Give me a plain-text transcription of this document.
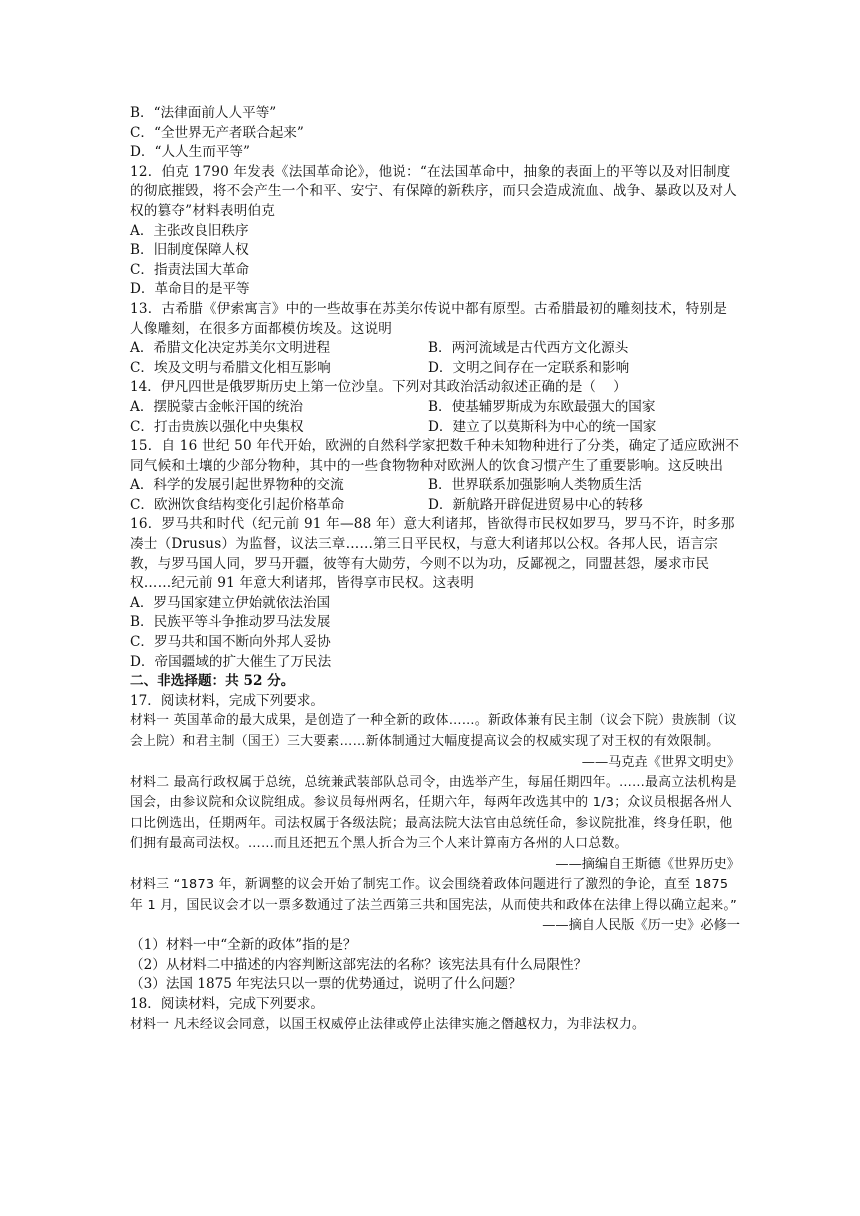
B．“法律面前人人平等”
C．“全世界无产者联合起来”
D．“人人生而平等”
12．伯克 1790 年发表《法国革命论》，他说：“在法国革命中，抽象的表面上的平等以及对旧制度的彻底摧毁，将不会产生一个和平、安宁、有保障的新秩序，而只会造成流血、战争、暴政以及对人权的篡夺”材料表明伯克
A．主张改良旧秩序
B．旧制度保障人权
C．指责法国大革命
D．革命目的是平等
13．古希腊《伊索寓言》中的一些故事在苏美尔传说中都有原型。古希腊最初的雕刻技术，特别是人像雕刻，在很多方面都模仿埃及。这说明
A．希腊文化决定苏美尔文明进程	B．两河流域是古代西方文化源头
C．埃及文明与希腊文化相互影响	D．文明之间存在一定联系和影响
14．伊凡四世是俄罗斯历史上第一位沙皇。下列对其政治活动叙述正确的是（    ）
A．摆脱蒙古金帐汗国的统治	B．使基辅罗斯成为东欧最强大的国家
C．打击贵族以强化中央集权	D．建立了以莫斯科为中心的统一国家
15．自 16 世纪 50 年代开始，欧洲的自然科学家把数千种未知物种进行了分类，确定了适应欧洲不同气候和土壤的少部分物种，其中的一些食物物种对欧洲人的饮食习惯产生了重要影响。这反映出
A．科学的发展引起世界物种的交流	B．世界联系加强影响人类物质生活
C．欧洲饮食结构变化引起价格革命	D．新航路开辟促进贸易中心的转移
16．罗马共和时代（纪元前 91 年—88 年）意大利诸邦，皆欲得市民权如罗马，罗马不许，时多那凑士（Drusus）为监督，议法三章……第三日平民权，与意大利诸邦以公权。各邦人民，语言宗教，与罗马国人同，罗马开疆，彼等有大勋劳，今则不以为功，反鄙视之，同盟甚怨，屡求市民权……纪元前 91 年意大利诸邦，皆得享市民权。这表明
A．罗马国家建立伊始就依法治国
B．民族平等斗争推动罗马法发展
C．罗马共和国不断向外邦人妥协
D．帝国疆域的扩大催生了万民法
二、非选择题：共 52 分。
17．阅读材料，完成下列要求。
材料一 英国革命的最大成果，是创造了一种全新的政体……。新政体兼有民主制（议会下院）贵族制（议会上院）和君主制（国王）三大要素……新体制通过大幅度提高议会的权威实现了对王权的有效限制。
——马克垚《世界文明史》
材料二 最高行政权属于总统，总统兼武装部队总司令，由选举产生，每届任期四年。……最高立法机构是国会，由参议院和众议院组成。参议员每州两名，任期六年，每两年改选其中的 1/3；众议员根据各州人口比例选出，任期两年。司法权属于各级法院；最高法院大法官由总统任命，参议院批准，终身任职，他们拥有最高司法权。……而且还把五个黑人折合为三个人来计算南方各州的人口总数。
——摘编自王斯德《世界历史》
材料三 “1873 年，新调整的议会开始了制宪工作。议会围绕着政体问题进行了激烈的争论，直至 1875 年 1 月，国民议会才以一票多数通过了法兰西第三共和国宪法，从而使共和政体在法律上得以确立起来。”
——摘自人民版《历一史》必修一
（1）材料一中“全新的政体”指的是？
（2）从材料二中描述的内容判断这部宪法的名称？该宪法具有什么局限性？
（3）法国 1875 年宪法只以一票的优势通过，说明了什么问题？
18．阅读材料，完成下列要求。
材料一 凡未经议会同意，以国王权威停止法律或停止法律实施之僭越权力，为非法权力。
